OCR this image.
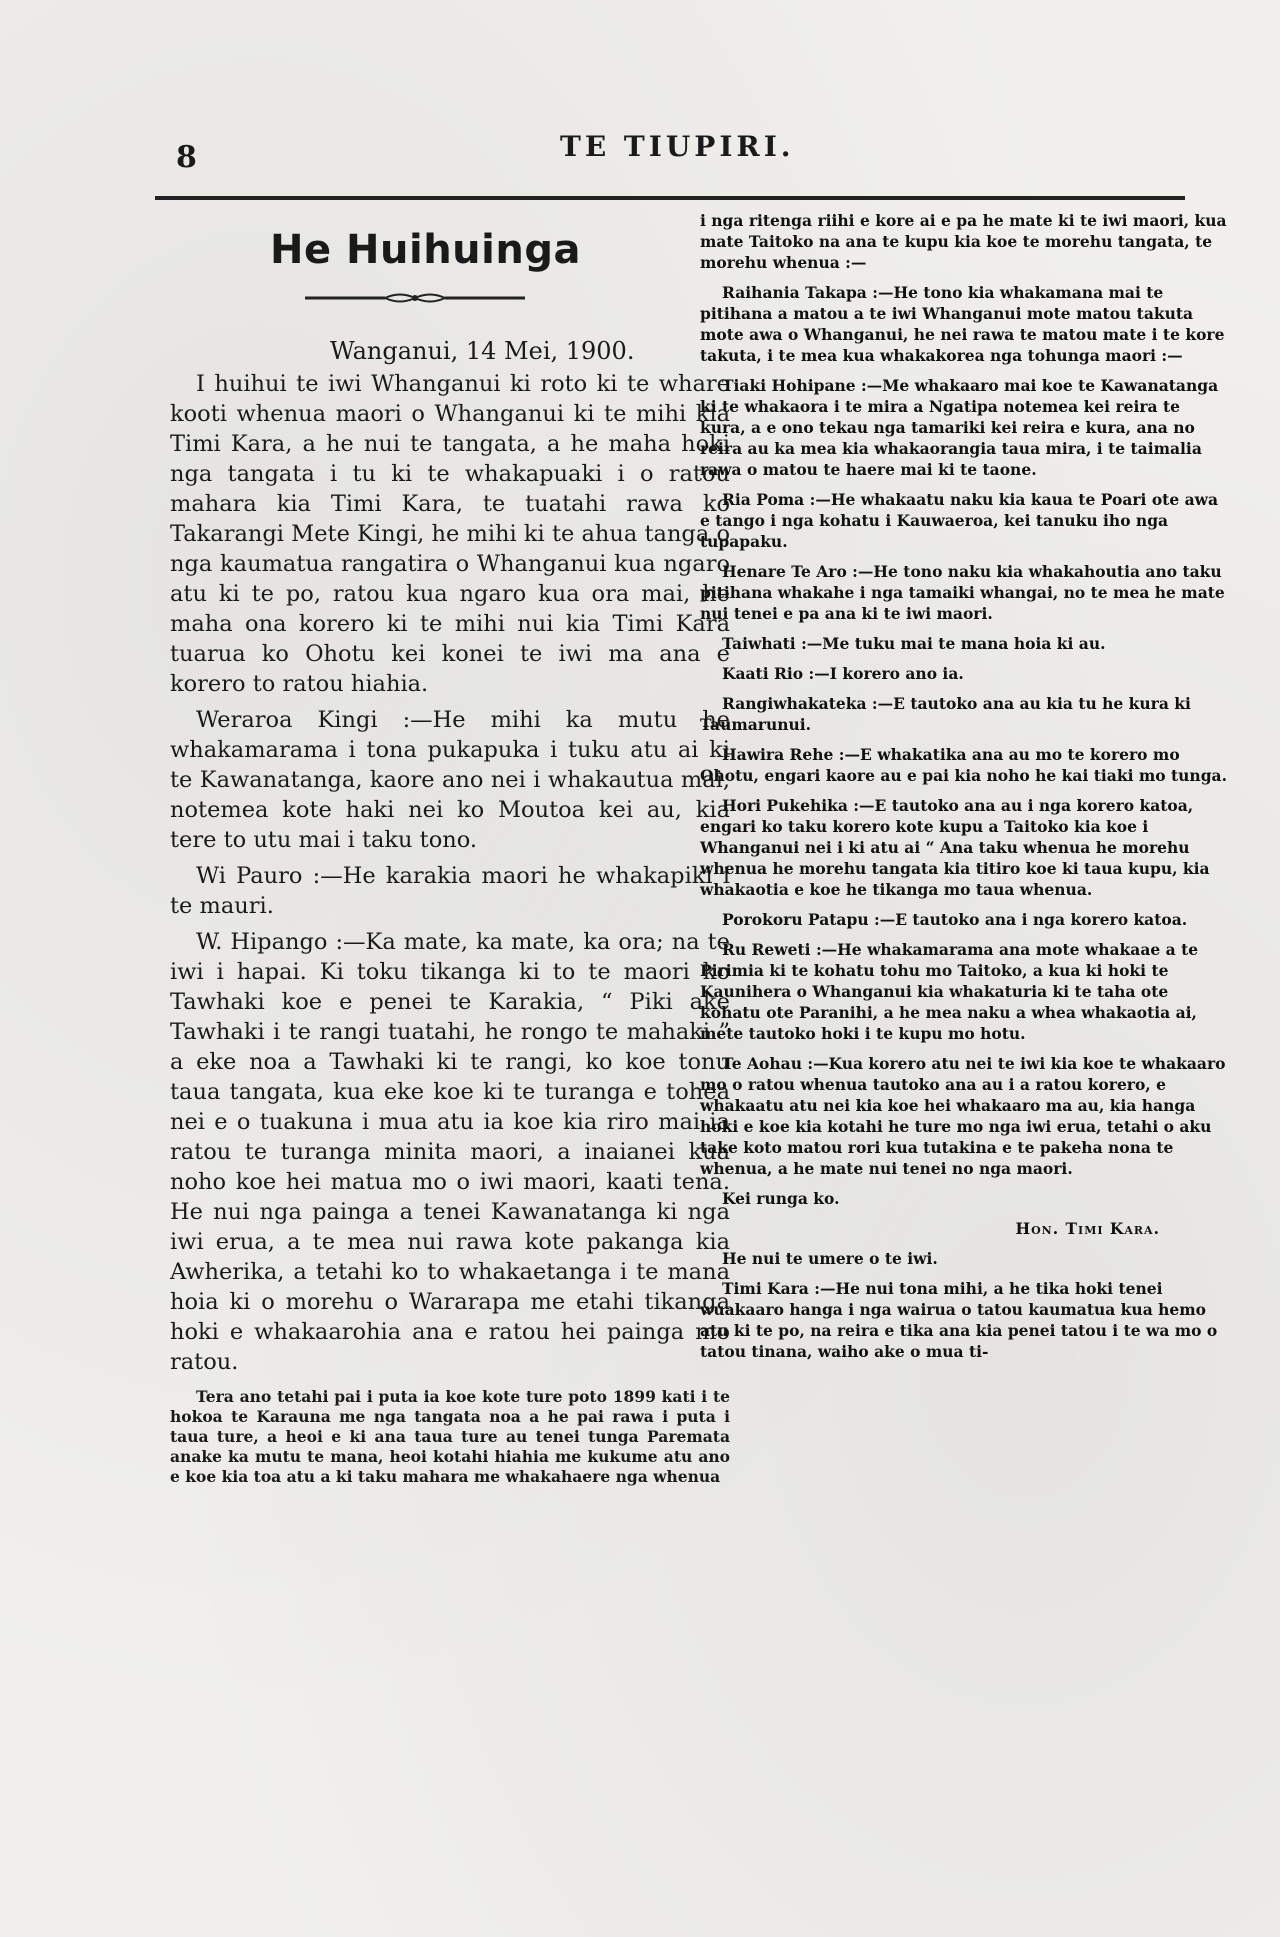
8	TE TIUPIRI.
He Huihuinga
Wanganui, 14 Mei, 1900.

I huihui te iwi Whanganui ki roto ki te whare kooti whenua maori o Whanganui ki te mihi kia Timi Kara, a he nui te tangata, a he maha hoki nga tangata i tu ki te whakapuaki i o ratou mahara kia Timi Kara, te tuatahi rawa ko Takarangi Mete Kingi, he mihi ki te ahua tanga o nga kaumatua rangatira o Whanganui kua ngaro atu ki te po, ratou kua ngaro kua ora mai, he maha ona korero ki te mihi nui kia Timi Kara tuarua ko Ohotu kei konei te iwi ma ana e korero to ratou hiahia.

Weraroa Kingi :—He mihi ka mutu he whakamarama i tona pukapuka i tuku atu ai ki te Kawanatanga, kaore ano nei i whakautua mai, notemea kote haki nei ko Moutoa kei au, kia tere to utu mai i taku tono.

Wi Pauro :—He karakia maori he whakapiki i te mauri.

W. Hipango :—Ka mate, ka mate, ka ora; na te iwi i hapai. Ki toku tikanga ki to te maori ko Tawhaki koe e penei te Karakia, “ Piki ake Tawhaki i te rangi tuatahi, he rongo te mahaki ” a eke noa a Tawhaki ki te rangi, ko koe tonu taua tangata, kua eke koe ki te turanga e tohea nei e o tuakuna i mua atu ia koe kia riro mai ia ratou te turanga minita maori, a inaianei kua noho koe hei matua mo o iwi maori, kaati tena. He nui nga painga a tenei Kawanatanga ki nga iwi erua, a te mea nui rawa kote pakanga kia Awherika, a tetahi ko to whakaetanga i te mana hoia ki o morehu o Wararapa me etahi tikanga hoki e whakaarohia ana e ratou hei painga mo ratou.

Tera ano tetahi pai i puta ia koe kote ture poto 1899 kati i te hokoa te Karauna me nga tangata noa a he pai rawa i puta i taua ture, a heoi e ki ana taua ture au tenei tunga Paremata anake ka mutu te mana, heoi kotahi hiahia me kukume atu ano e koe kia toa atu a ki taku mahara me whakahaere nga whenua

i nga ritenga riihi e kore ai e pa he mate ki te iwi maori, kua mate Taitoko na ana te kupu kia koe te morehu tangata, te morehu whenua :—

Raihania Takapa :—He tono kia whakamana mai te pitihana a matou a te iwi Whanganui mote matou takuta mote awa o Whanganui, he nei rawa te matou mate i te kore takuta, i te mea kua whakakorea nga tohunga maori :—

Tiaki Hohipane :—Me whakaaro mai koe te Kawanatanga ki te whakaora i te mira a Ngatipa notemea kei reira te kura, a e ono tekau nga tamariki kei reira e kura, ana no reira au ka mea kia whakaorangia taua mira, i te taimalia rawa o matou te haere mai ki te taone.

Ria Poma :—He whakaatu naku kia kaua te Poari ote awa e tango i nga kohatu i Kauwaeroa, kei tanuku iho nga tupapaku.

Henare Te Aro :—He tono naku kia whakahoutia ano taku pitihana whakahe i nga tamaiki whangai, no te mea he mate nui tenei e pa ana ki te iwi maori.

Taiwhati :—Me tuku mai te mana hoia ki au.

Kaati Rio :—I korero ano ia.

Rangiwhakateka :—E tautoko ana au kia tu he kura ki Taumarunui.

Hawira Rehe :—E whakatika ana au mo te korero mo Ohotu, engari kaore au e pai kia noho he kai tiaki mo tunga.

Hori Pukehika :—E tautoko ana au i nga korero katoa, engari ko taku korero kote kupu a Taitoko kia koe i Whanganui nei i ki atu ai “ Ana taku whenua he morehu whenua he morehu tangata kia titiro koe ki taua kupu, kia whakaotia e koe he tikanga mo taua whenua.

Porokoru Patapu :—E tautoko ana i nga korero katoa.

Ru Reweti :—He whakamarama ana mote whakaae a te Pirimia ki te kohatu tohu mo Taitoko, a kua ki hoki te Kaunihera o Whanganui kia whakaturia ki te taha ote kohatu ote Paranihi, a he mea naku a whea whakaotia ai, mete tautoko hoki i te kupu mo hotu.

Te Aohau :—Kua korero atu nei te iwi kia koe te whakaaro mo o ratou whenua tautoko ana au i a ratou korero, e whakaatu atu nei kia koe hei whakaaro ma au, kia hanga hoki e koe kia kotahi he ture mo nga iwi erua, tetahi o aku take koto matou rori kua tutakina e te pakeha nona te whenua, a he mate nui tenei no nga maori.

Kei runga ko.

Hon. Timi Kara.

He nui te umere o te iwi.

Timi Kara :—He nui tona mihi, a he tika hoki tenei wuakaaro hanga i nga wairua o tatou kaumatua kua hemo atu ki te po, na reira e tika ana kia penei tatou i te wa mo o tatou tinana, waiho ake o mua ti-
